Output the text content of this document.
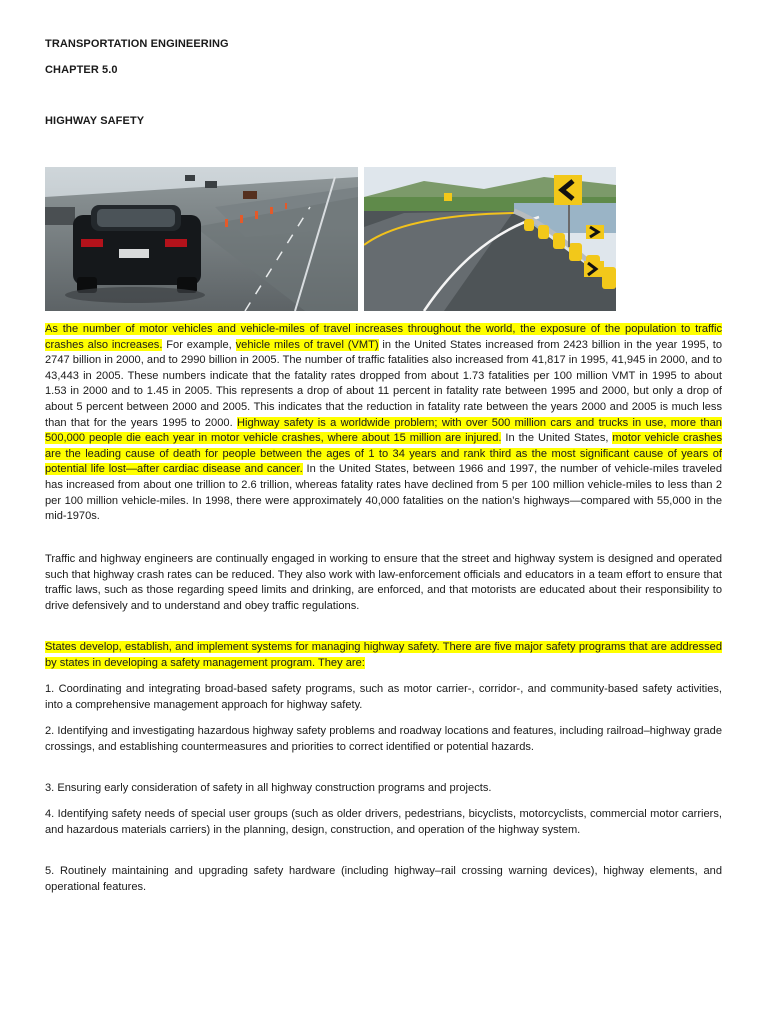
TRANSPORTATION ENGINEERING
CHAPTER 5.0
HIGHWAY SAFETY

As the number of motor vehicles and vehicle-miles of travel increases throughout the world, the exposure of the population to traffic crashes also increases. For example, vehicle miles of travel (VMT) in the United States increased from 2423 billion in the year 1995, to 2747 billion in 2000, and to 2990 billion in 2005. The number of traffic fatalities also increased from 41,817 in 1995, 41,945 in 2000, and to 43,443 in 2005. These numbers indicate that the fatality rates dropped from about 1.73 fatalities per 100 million VMT in 1995 to about 1.53 in 2000 and to 1.45 in 2005. This represents a drop of about 11 percent in fatality rate between 1995 and 2000, but only a drop of about 5 percent between 2000 and 2005. This indicates that the reduction in fatality rate between the years 2000 and 2005 is much less than that for the years 1995 to 2000. Highway safety is a worldwide problem; with over 500 million cars and trucks in use, more than 500,000 people die each year in motor vehicle crashes, where about 15 million are injured. In the United States, motor vehicle crashes are the leading cause of death for people between the ages of 1 to 34 years and rank third as the most significant cause of years of potential life lost—after cardiac disease and cancer. In the United States, between 1966 and 1997, the number of vehicle-miles traveled has increased from about one trillion to 2.6 trillion, whereas fatality rates have declined from 5 per 100 million vehicle-miles to less than 2 per 100 million vehicle-miles. In 1998, there were approximately 40,000 fatalities on the nation’s highways—compared with 55,000 in the mid-1970s.

Traffic and highway engineers are continually engaged in working to ensure that the street and highway system is designed and operated such that highway crash rates can be reduced. They also work with law-enforcement officials and educators in a team effort to ensure that traffic laws, such as those regarding speed limits and drinking, are enforced, and that motorists are educated about their responsibility to drive defensively and to understand and obey traffic regulations.

States develop, establish, and implement systems for managing highway safety. There are five major safety programs that are addressed by states in developing a safety management program. They are:

1. Coordinating and integrating broad-based safety programs, such as motor carrier-, corridor-, and community-based safety activities, into a comprehensive management approach for highway safety.

2. Identifying and investigating hazardous highway safety problems and roadway locations and features, including railroad–highway grade crossings, and establishing countermeasures and priorities to correct identified or potential hazards.

3. Ensuring early consideration of safety in all highway construction programs and projects.

4. Identifying safety needs of special user groups (such as older drivers, pedestrians, bicyclists, motorcyclists, commercial motor carriers, and hazardous materials carriers) in the planning, design, construction, and operation of the highway system.

5. Routinely maintaining and upgrading safety hardware (including highway–rail crossing warning devices), highway elements, and operational features.
